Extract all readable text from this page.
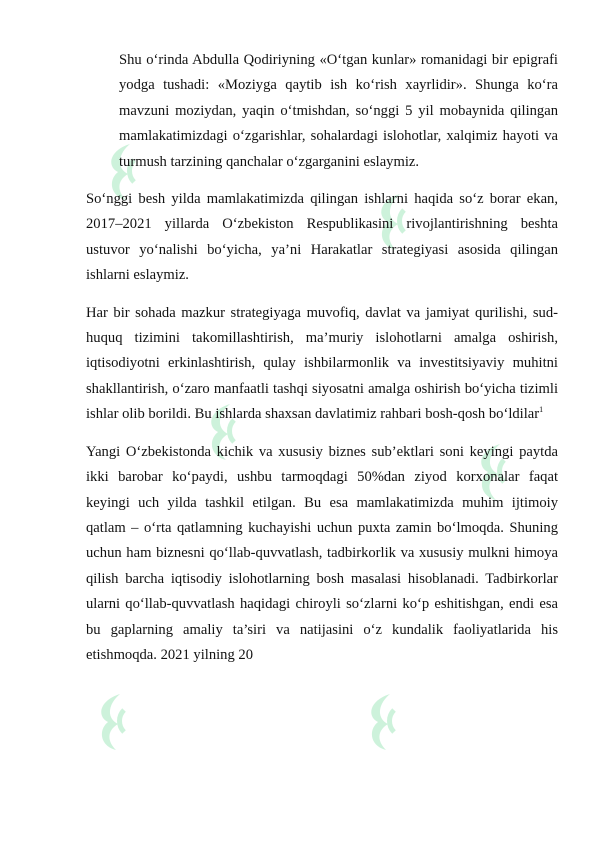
Shu o‘rinda Abdulla Qodiriyning «O‘tgan kunlar» romanidagi bir epigrafi yodga tushadi: «Moziyga qaytib ish ko‘rish xayrlidir». Shunga ko‘ra mavzuni moziydan, yaqin o‘tmishdan, so‘nggi 5 yil mobaynida qilingan mamlakatimizdagi o‘zgarishlar, sohalardagi islohotlar, xalqimiz hayoti va turmush tarzining qanchalar o‘zgarganini eslaymiz.

So‘nggi besh yilda mamlakatimizda qilingan ishlarni haqida so‘z borar ekan, 2017–2021 yillarda O‘zbekiston Respublikasini rivojlantirishning beshta ustuvor yo‘nalishi bo‘yicha, ya’ni Harakatlar strategiyasi asosida qilingan ishlarni eslaymiz.

Har bir sohada mazkur strategiyaga muvofiq, davlat va jamiyat qurilishi, sud-huquq tizimini takomillashtirish, ma’muriy islohotlarni amalga oshirish, iqtisodiyotni erkinlashtirish, qulay ishbilarmonlik va investitsiyaviy muhitni shakllantirish, o‘zaro manfaatli tashqi siyosatni amalga oshirish bo‘yicha tizimli ishlar olib borildi. Bu ishlarda shaxsan davlatimiz rahbari bosh-qosh bo‘ldilar$^1$

Yangi O‘zbekistonda kichik va xususiy biznes sub’ektlari soni keyingi paytda ikki barobar ko‘paydi, ushbu tarmoqdagi 50%dan ziyod korxonalar faqat keyingi uch yilda tashkil etilgan. Bu esa mamlakatimizda muhim ijtimoiy qatlam – o‘rta qatlamning kuchayishi uchun puxta zamin bo‘lmoqda. Shuning uchun ham biznesni qo‘llab-quvvatlash, tadbirkorlik va xususiy mulkni himoya qilish barcha iqtisodiy islohotlarning bosh masalasi hisoblanadi. Tadbirkorlar ularni qo‘llab-quvvatlash haqidagi chiroyli so‘zlarni ko‘p eshitishgan, endi esa bu gaplarning amaliy ta’siri va natijasini o‘z kundalik faoliyatlarida his etishmoqda. 2021 yilning 20
